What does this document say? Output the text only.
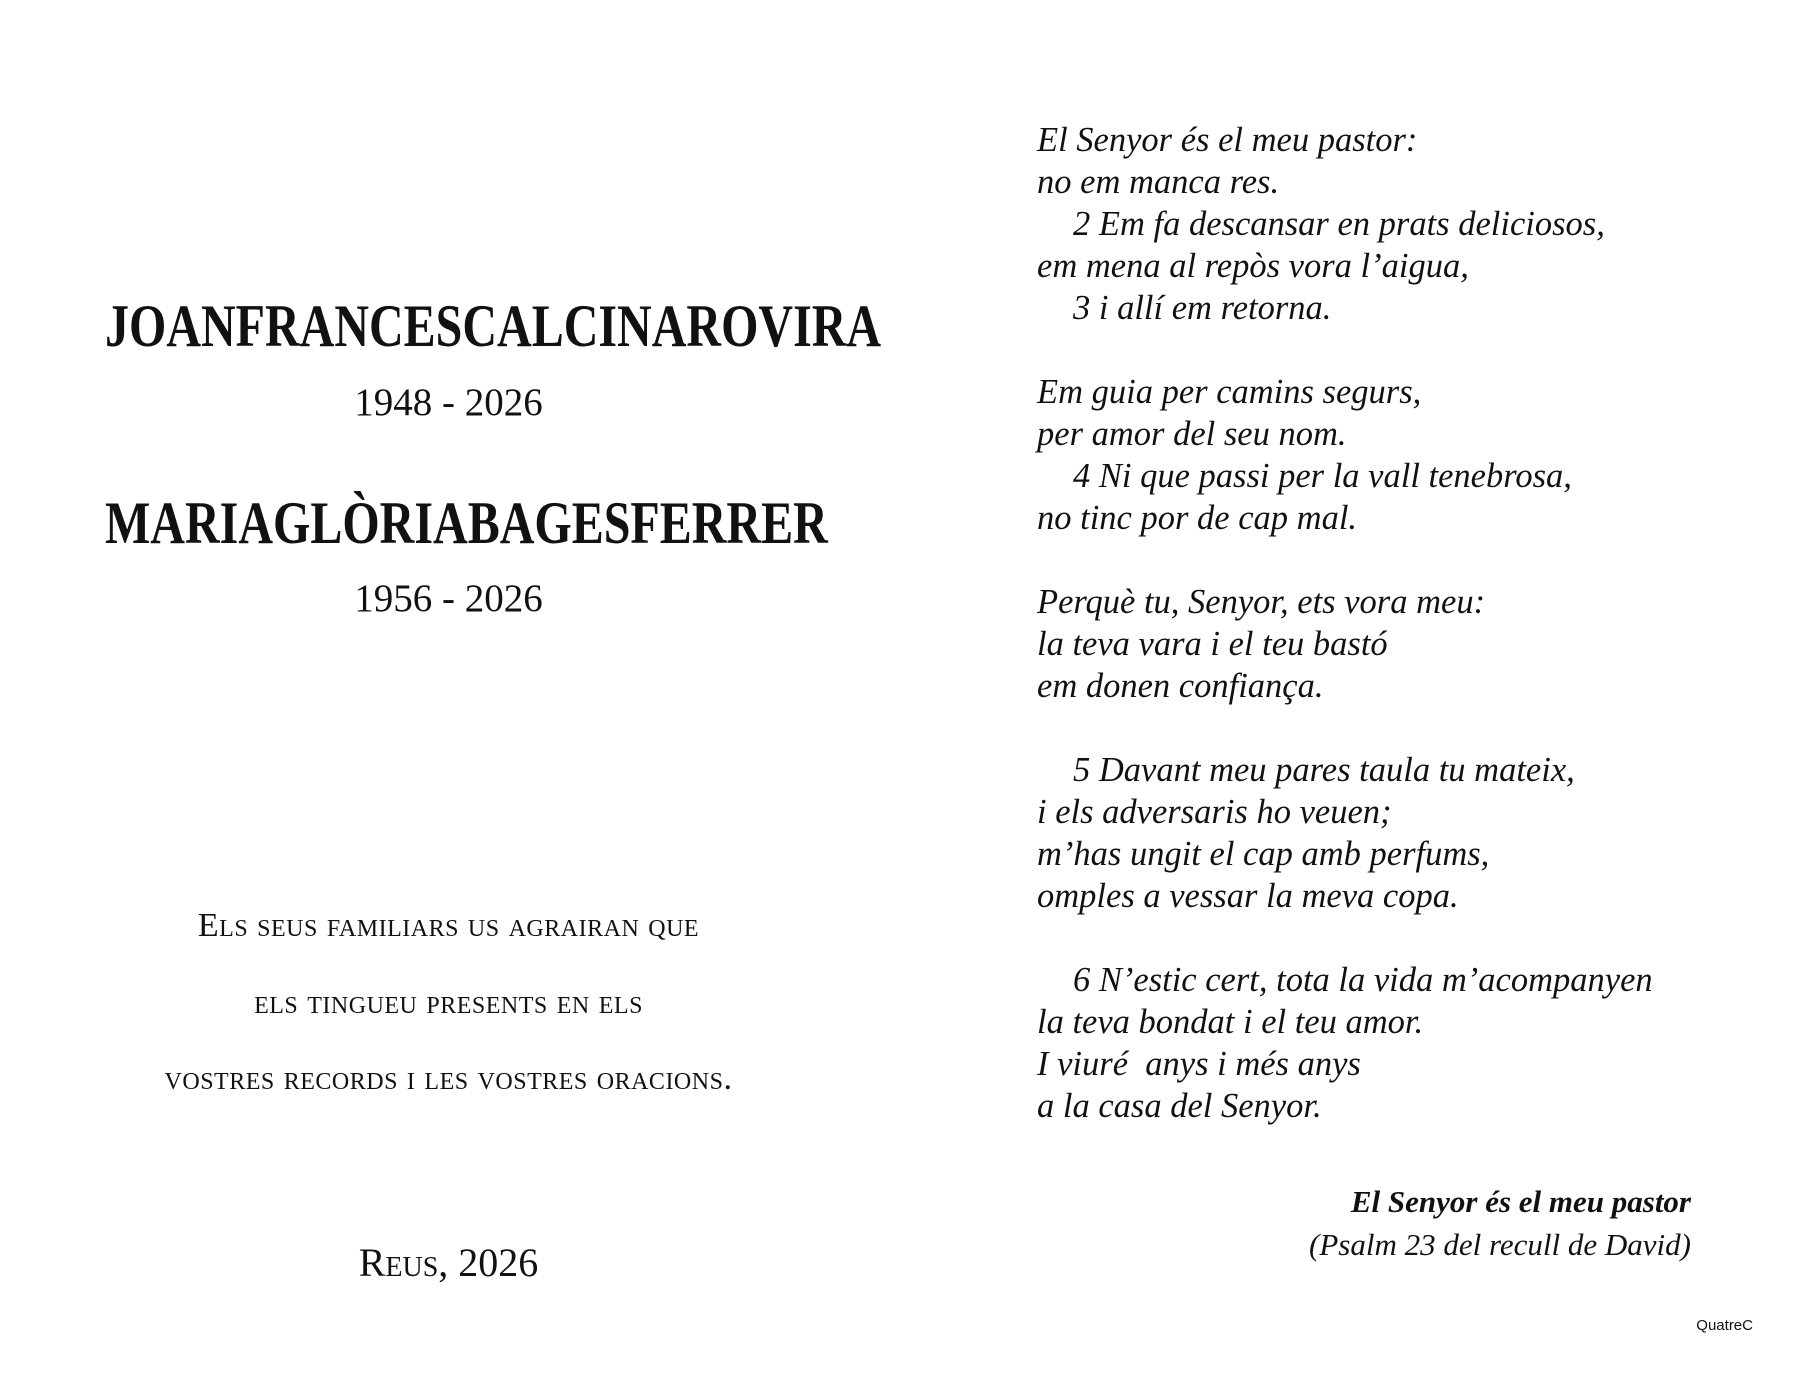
JOAN FRANCESC ALCINA ROVIRA
1948 - 2026
MARIA GLÒRIA BAGES FERRER
1956 - 2026
Els seus familiars us agrairan que
els tingueu presents en els
vostres records i les vostres oracions.
Reus, 2026
El Senyor és el meu pastor:
no em manca res.
2 Em fa descansar en prats deliciosos,
em mena al repòs vora l’aigua,
3 i allí em retorna.
Em guia per camins segurs,
per amor del seu nom.
4 Ni que passi per la vall tenebrosa,
no tinc por de cap mal.
Perquè tu, Senyor, ets vora meu:
la teva vara i el teu bastó
em donen confiança.
5 Davant meu pares taula tu mateix,
i els adversaris ho veuen;
m’has ungit el cap amb perfums,
omples a vessar la meva copa.
6 N’estic cert, tota la vida m’acompanyen
la teva bondat i el teu amor.
I viuré  anys i més anys
a la casa del Senyor.
El Senyor és el meu pastor
(Psalm 23 del recull de David)
QuatreC
